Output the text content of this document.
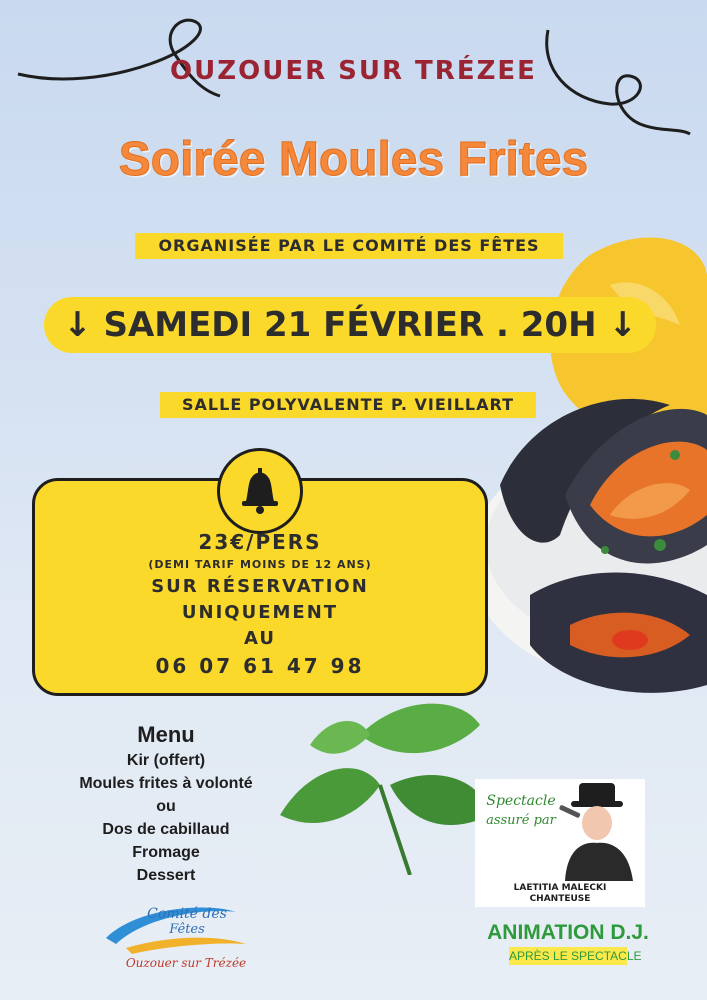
OUZOUER SUR TRÉZEE
Soirée Moules Frites
ORGANISÉE PAR LE COMITÉ DES FÊTES
↓ SAMEDI 21 FÉVRIER . 20H ↓
SALLE POLYVALENTE P. VIEILLART
23€/PERS
(DEMI TARIF MOINS DE 12 ANS)
SUR RÉSERVATION
UNIQUEMENT
AU
06 07 61 47 98
Menu
Kir (offert)
Moules frites à volonté
ou
Dos de cabillaud
Fromage
Dessert
Comité des
Fêtes
Ouzouer sur Trézée
Spectacle
assuré par
LAETITIA MALECKI
CHANTEUSE
ANIMATION D.J.
APRÈS LE SPECTACLE
